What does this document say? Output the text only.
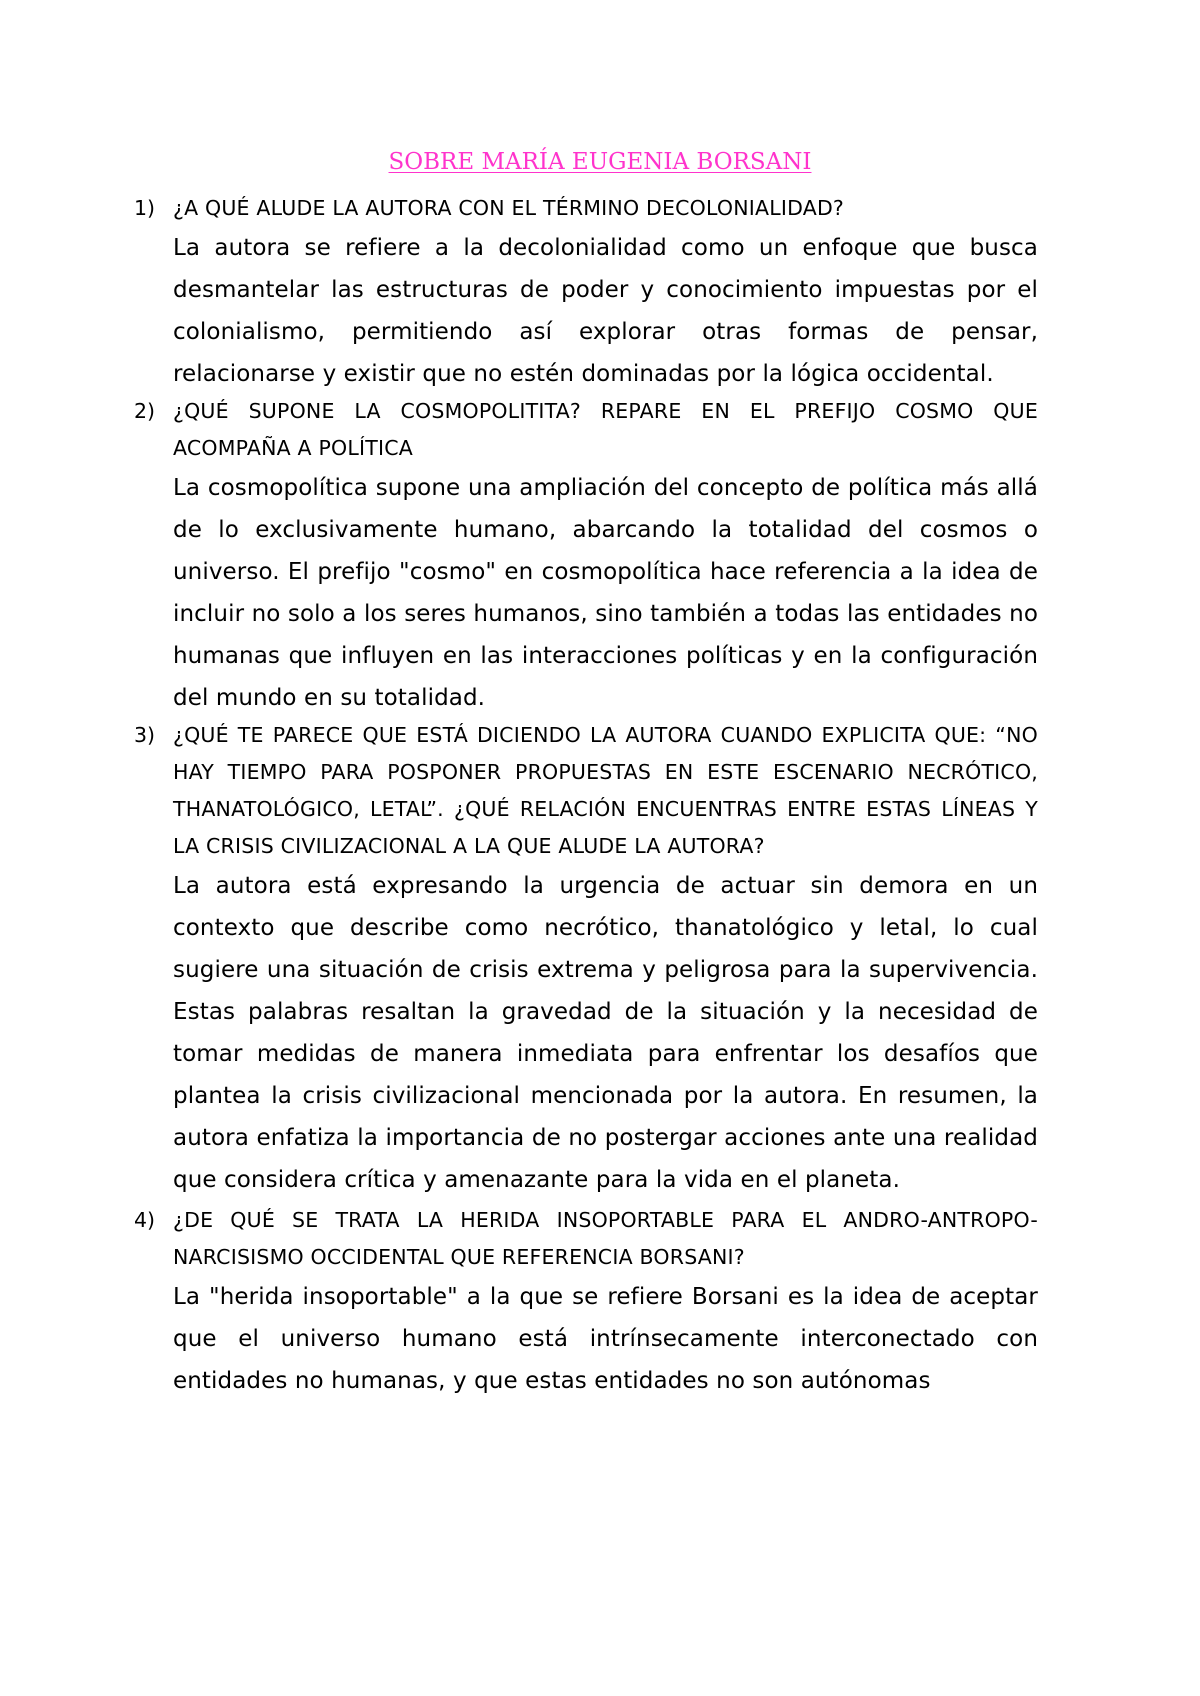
SOBRE MARÍA EUGENIA BORSANI
1) ¿A QUÉ ALUDE LA AUTORA CON EL TÉRMINO DECOLONIALIDAD?
La autora se refiere a la decolonialidad como un enfoque que busca desmantelar las estructuras de poder y conocimiento impuestas por el colonialismo, permitiendo así explorar otras formas de pensar, relacionarse y existir que no estén dominadas por la lógica occidental.
2) ¿QUÉ SUPONE LA COSMOPOLITITA? REPARE EN EL PREFIJO COSMO QUE ACOMPAÑA A POLÍTICA
La cosmopolítica supone una ampliación del concepto de política más allá de lo exclusivamente humano, abarcando la totalidad del cosmos o universo. El prefijo "cosmo" en cosmopolítica hace referencia a la idea de incluir no solo a los seres humanos, sino también a todas las entidades no humanas que influyen en las interacciones políticas y en la configuración del mundo en su totalidad.
3) ¿QUÉ TE PARECE QUE ESTÁ DICIENDO LA AUTORA CUANDO EXPLICITA QUE: “NO HAY TIEMPO PARA POSPONER PROPUESTAS EN ESTE ESCENARIO NECRÓTICO, THANATOLÓGICO, LETAL”. ¿QUÉ RELACIÓN ENCUENTRAS ENTRE ESTAS LÍNEAS Y LA CRISIS CIVILIZACIONAL A LA QUE ALUDE LA AUTORA?
La autora está expresando la urgencia de actuar sin demora en un contexto que describe como necrótico, thanatológico y letal, lo cual sugiere una situación de crisis extrema y peligrosa para la supervivencia. Estas palabras resaltan la gravedad de la situación y la necesidad de tomar medidas de manera inmediata para enfrentar los desafíos que plantea la crisis civilizacional mencionada por la autora. En resumen, la autora enfatiza la importancia de no postergar acciones ante una realidad que considera crítica y amenazante para la vida en el planeta.
4) ¿DE QUÉ SE TRATA LA HERIDA INSOPORTABLE PARA EL ANDRO-ANTROPO- NARCISISMO OCCIDENTAL QUE REFERENCIA BORSANI?
La "herida insoportable" a la que se refiere Borsani es la idea de aceptar que el universo humano está intrínsecamente interconectado con entidades no humanas, y que estas entidades no son autónomas
